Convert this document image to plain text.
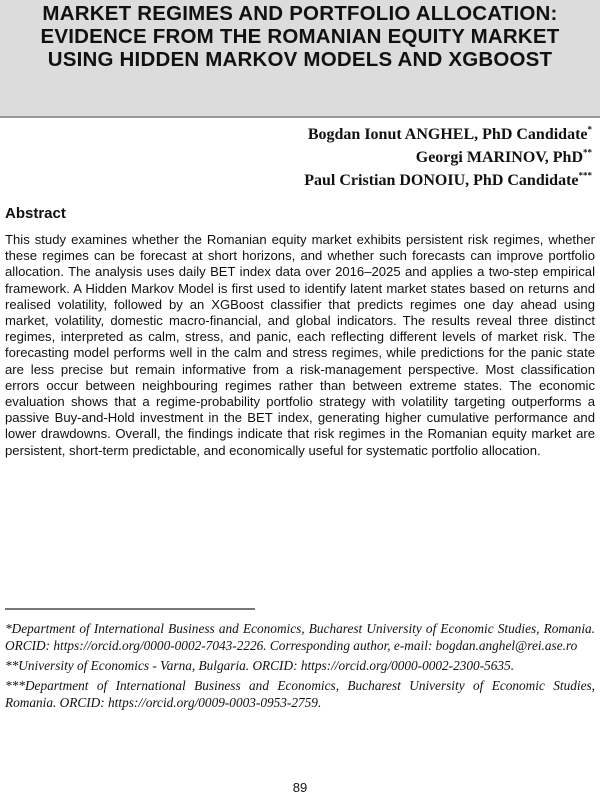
MARKET REGIMES AND PORTFOLIO ALLOCATION: EVIDENCE FROM THE ROMANIAN EQUITY MARKET USING HIDDEN MARKOV MODELS AND XGBOOST
Bogdan Ionut ANGHEL, PhD Candidate*
Georgi MARINOV, PhD**
Paul Cristian DONOIU, PhD Candidate***
Abstract
This study examines whether the Romanian equity market exhibits persistent risk regimes, whether these regimes can be forecast at short horizons, and whether such forecasts can improve portfolio allocation. The analysis uses daily BET index data over 2016–2025 and applies a two-step empirical framework. A Hidden Markov Model is first used to identify latent market states based on returns and realised volatility, followed by an XGBoost classifier that predicts regimes one day ahead using market, volatility, domestic macro-financial, and global indicators. The results reveal three distinct regimes, interpreted as calm, stress, and panic, each reflecting different levels of market risk. The forecasting model performs well in the calm and stress regimes, while predictions for the panic state are less precise but remain informative from a risk-management perspective. Most classification errors occur between neighbouring regimes rather than between extreme states. The economic evaluation shows that a regime-probability portfolio strategy with volatility targeting outperforms a passive Buy-and-Hold investment in the BET index, generating higher cumulative performance and lower drawdowns. Overall, the findings indicate that risk regimes in the Romanian equity market are persistent, short-term predictable, and economically useful for systematic portfolio allocation.

*Department of International Business and Economics, Bucharest University of Economic Studies, Romania. ORCID: https://orcid.org/0000-0002-7043-2226. Corresponding author, e-mail: bogdan.anghel@rei.ase.ro

**University of Economics - Varna, Bulgaria. ORCID: https://orcid.org/0000-0002-2300-5635.

***Department of International Business and Economics, Bucharest University of Economic Studies, Romania. ORCID: https://orcid.org/0009-0003-0953-2759.

89
